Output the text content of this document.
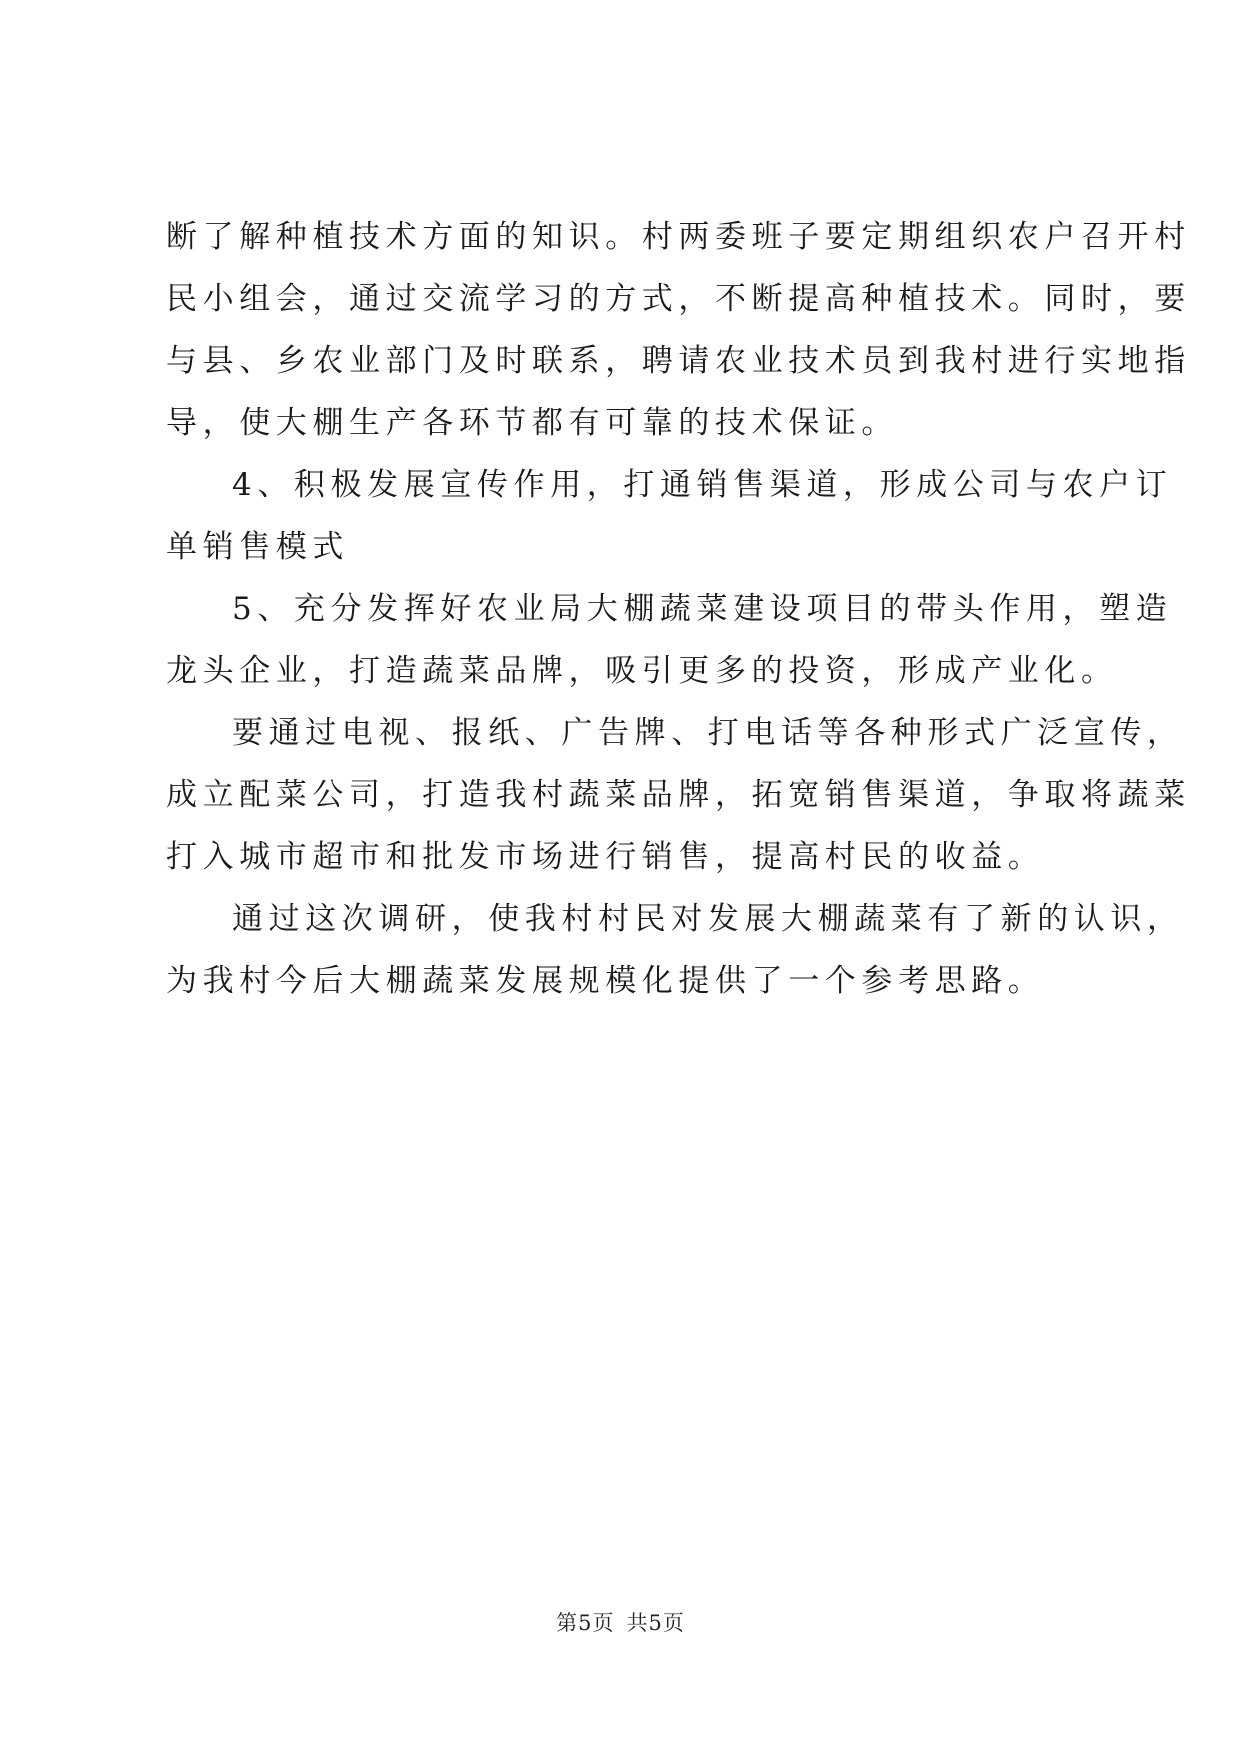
断了解种植技术方面的知识。村两委班子要定期组织农户召开村
民小组会，通过交流学习的方式，不断提高种植技术。同时，要
与县、乡农业部门及时联系，聘请农业技术员到我村进行实地指
导，使大棚生产各环节都有可靠的技术保证。
4、积极发展宣传作用，打通销售渠道，形成公司与农户订
单销售模式
5、充分发挥好农业局大棚蔬菜建设项目的带头作用，塑造
龙头企业，打造蔬菜品牌，吸引更多的投资，形成产业化。
要通过电视、报纸、广告牌、打电话等各种形式广泛宣传，
成立配菜公司，打造我村蔬菜品牌，拓宽销售渠道，争取将蔬菜
打入城市超市和批发市场进行销售，提高村民的收益。
通过这次调研，使我村村民对发展大棚蔬菜有了新的认识，
为我村今后大棚蔬菜发展规模化提供了一个参考思路。
第5页 共5页
